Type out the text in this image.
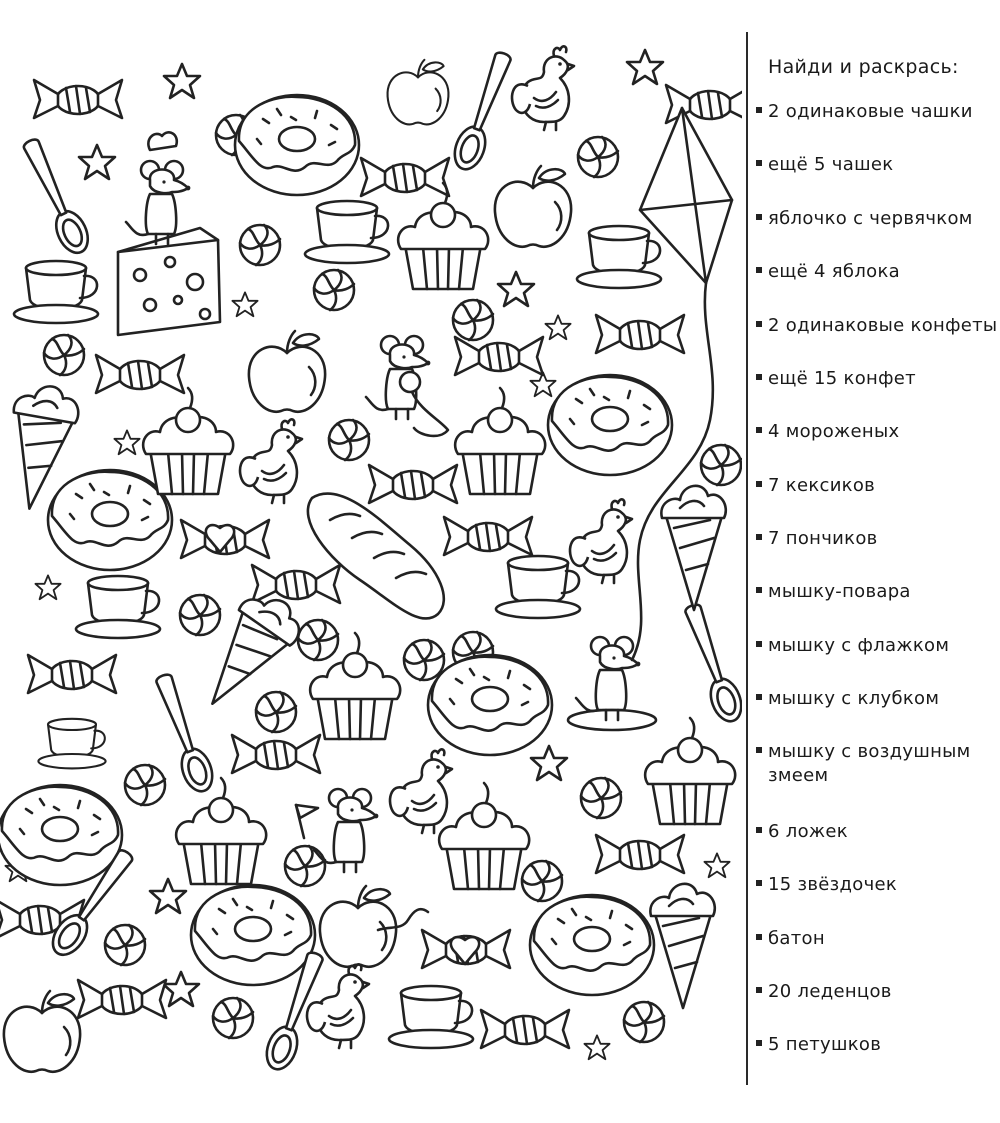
Найди и раскрась:
2 одинаковые чашки
ещё 5 чашек
яблочко с червячком
ещё 4 яблока
2 одинаковые конфеты
ещё 15 конфет
4 мороженых
7 кексиков
7 пончиков
мышку-повара
мышку с флажком
мышку с клубком
мышку с воздушным змеем
6 ложек
15 звёздочек
батон
20 леденцов
5 петушков
